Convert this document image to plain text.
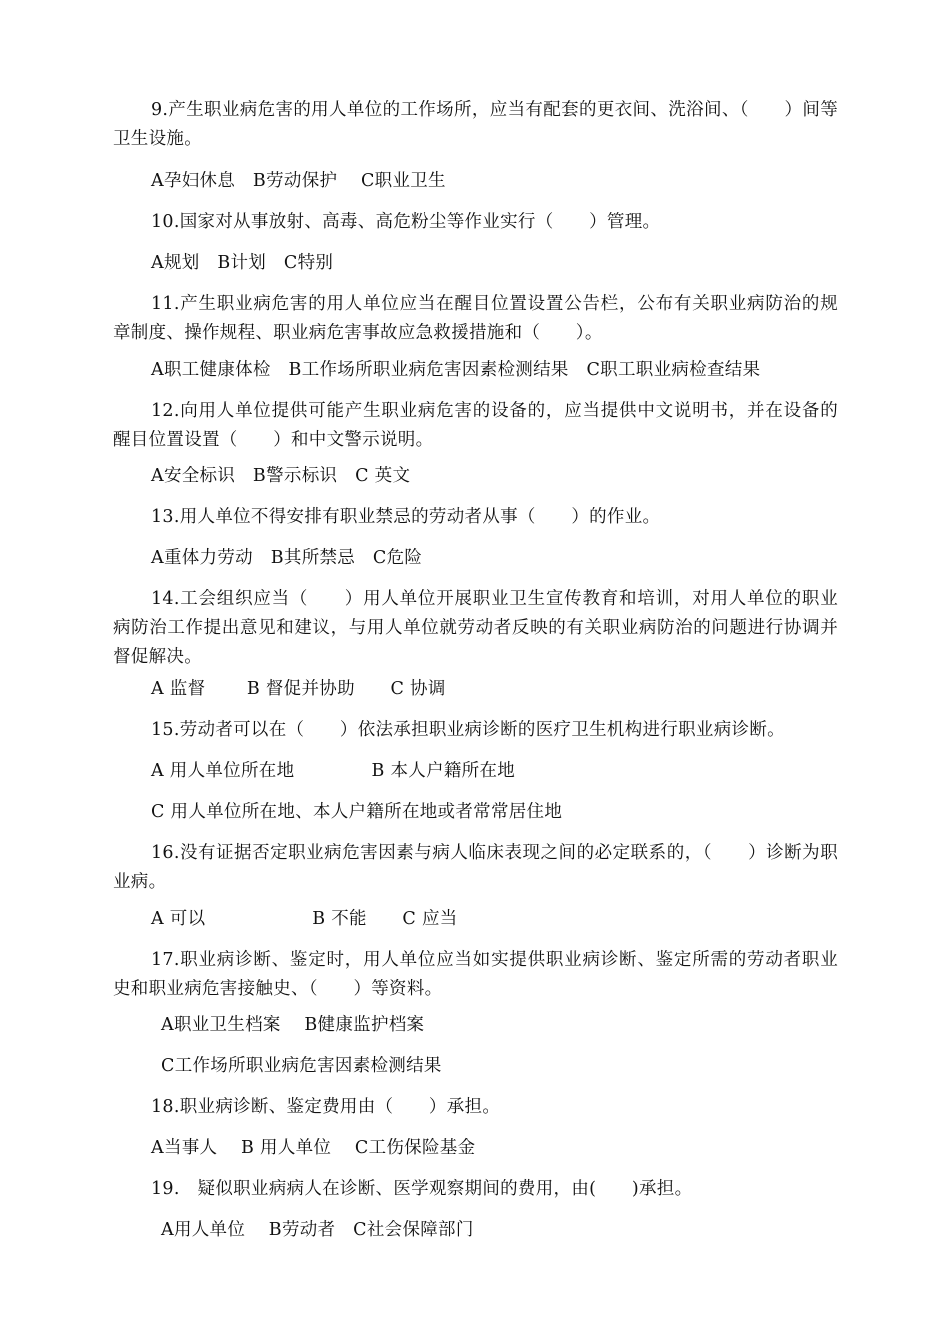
9.产生职业病危害的用人单位的工作场所，应当有配套的更衣间、洗浴间、（　　）间等卫生设施。

A孕妇休息　B劳动保护　 C职业卫生

10.国家对从事放射、高毒、高危粉尘等作业实行（　　）管理。

A规划　B计划　C特别

11.产生职业病危害的用人单位应当在醒目位置设置公告栏，公布有关职业病防治的规章制度、操作规程、职业病危害事故应急救援措施和（　　）。

A职工健康体检　B工作场所职业病危害因素检测结果　C职工职业病检查结果

12.向用人单位提供可能产生职业病危害的设备的，应当提供中文说明书，并在设备的醒目位置设置（　　）和中文警示说明。

A安全标识　B警示标识　C 英文

13.用人单位不得安排有职业禁忌的劳动者从事（　　）的作业。

A重体力劳动　B其所禁忌　C危险

14.工会组织应当（　　）用人单位开展职业卫生宣传教育和培训，对用人单位的职业病防治工作提出意见和建议，与用人单位就劳动者反映的有关职业病防治的问题进行协调并督促解决。

A 监督　　 B 督促并协助　　C 协调

15.劳动者可以在（　　）依法承担职业病诊断的医疗卫生机构进行职业病诊断。

A 用人单位所在地　　　　 B 本人户籍所在地

C 用人单位所在地、本人户籍所在地或者常常居住地

16.没有证据否定职业病危害因素与病人临床表现之间的必定联系的，（　　）诊断为职业病。

A 可以　　　　　　B 不能　　C 应当

17.职业病诊断、鉴定时，用人单位应当如实提供职业病诊断、鉴定所需的劳动者职业史和职业病危害接触史、（　　）等资料。

A职业卫生档案　 B健康监护档案

C工作场所职业病危害因素检测结果

18.职业病诊断、鉴定费用由（　　）承担。

A当事人　 B 用人单位　 C工伤保险基金

19.　疑似职业病病人在诊断、医学观察期间的费用，由(　　)承担。

A用人单位　 B劳动者　C社会保障部门
